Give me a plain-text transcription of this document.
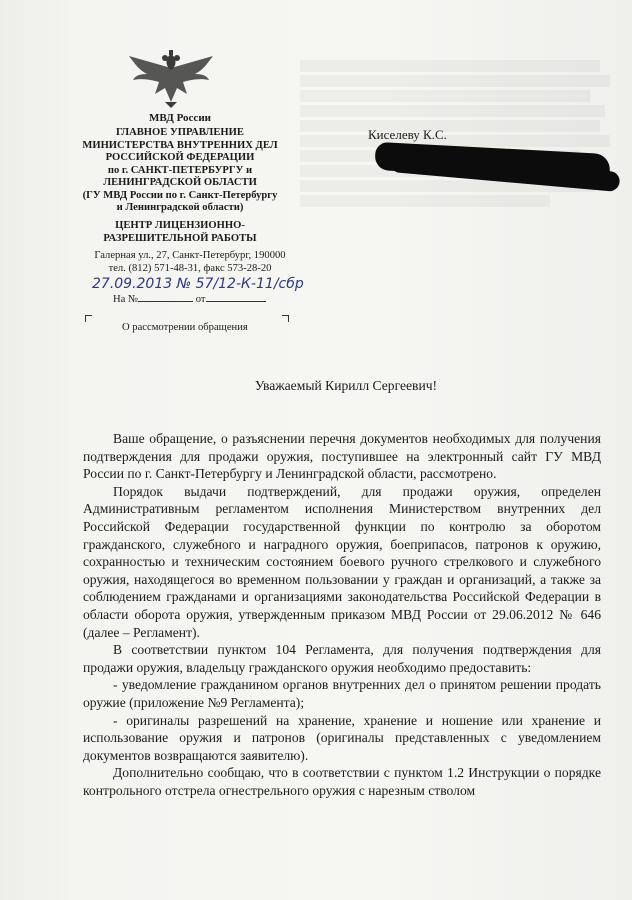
МВД России
ГЛАВНОЕ УПРАВЛЕНИЕ
МИНИСТЕРСТВА ВНУТРЕННИХ ДЕЛ
РОССИЙСКОЙ ФЕДЕРАЦИИ
по г. САНКТ-ПЕТЕРБУРГУ и
ЛЕНИНГРАДСКОЙ ОБЛАСТИ
(ГУ МВД России по г. Санкт-Петербургу
и Ленинградской области)
ЦЕНТР ЛИЦЕНЗИОННО-
РАЗРЕШИТЕЛЬНОЙ РАБОТЫ
Галерная ул., 27, Санкт-Петербург, 190000
тел. (812) 571-48-31, факс 573-28-20
27.09.2013 № 57/12-К-11/сбр
На №	от
О рассмотрении обращения
Киселеву К.С.
Уважаемый Кирилл Сергеевич!

Ваше обращение, о разъяснении перечня документов необходимых для получения подтверждения для продажи оружия, поступившее на электронный сайт ГУ МВД России по г. Санкт-Петербургу и Ленинградской области, рассмотрено.

Порядок выдачи подтверждений, для продажи оружия, определен Административным регламентом исполнения Министерством внутренних дел Российской Федерации государственной функции по контролю за оборотом гражданского, служебного и наградного оружия, боеприпасов, патронов к оружию, сохранностью и техническим состоянием боевого ручного стрелкового и служебного оружия, находящегося во временном пользовании у граждан и организаций, а также за соблюдением гражданами и организациями законодательства Российской Федерации в области оборота оружия, утвержденным приказом МВД России от 29.06.2012 № 646 (далее – Регламент).

В соответствии пунктом 104 Регламента, для получения подтверждения для продажи оружия, владельцу гражданского оружия необходимо предоставить:

- уведомление гражданином органов внутренних дел о принятом решении продать оружие (приложение №9 Регламента);

- оригиналы разрешений на хранение, хранение и ношение или хранение и использование оружия и патронов (оригиналы представленных с уведомлением документов возвращаются заявителю).

Дополнительно сообщаю, что в соответствии с пунктом 1.2 Инструкции о порядке контрольного отстрела огнестрельного оружия с нарезным стволом
